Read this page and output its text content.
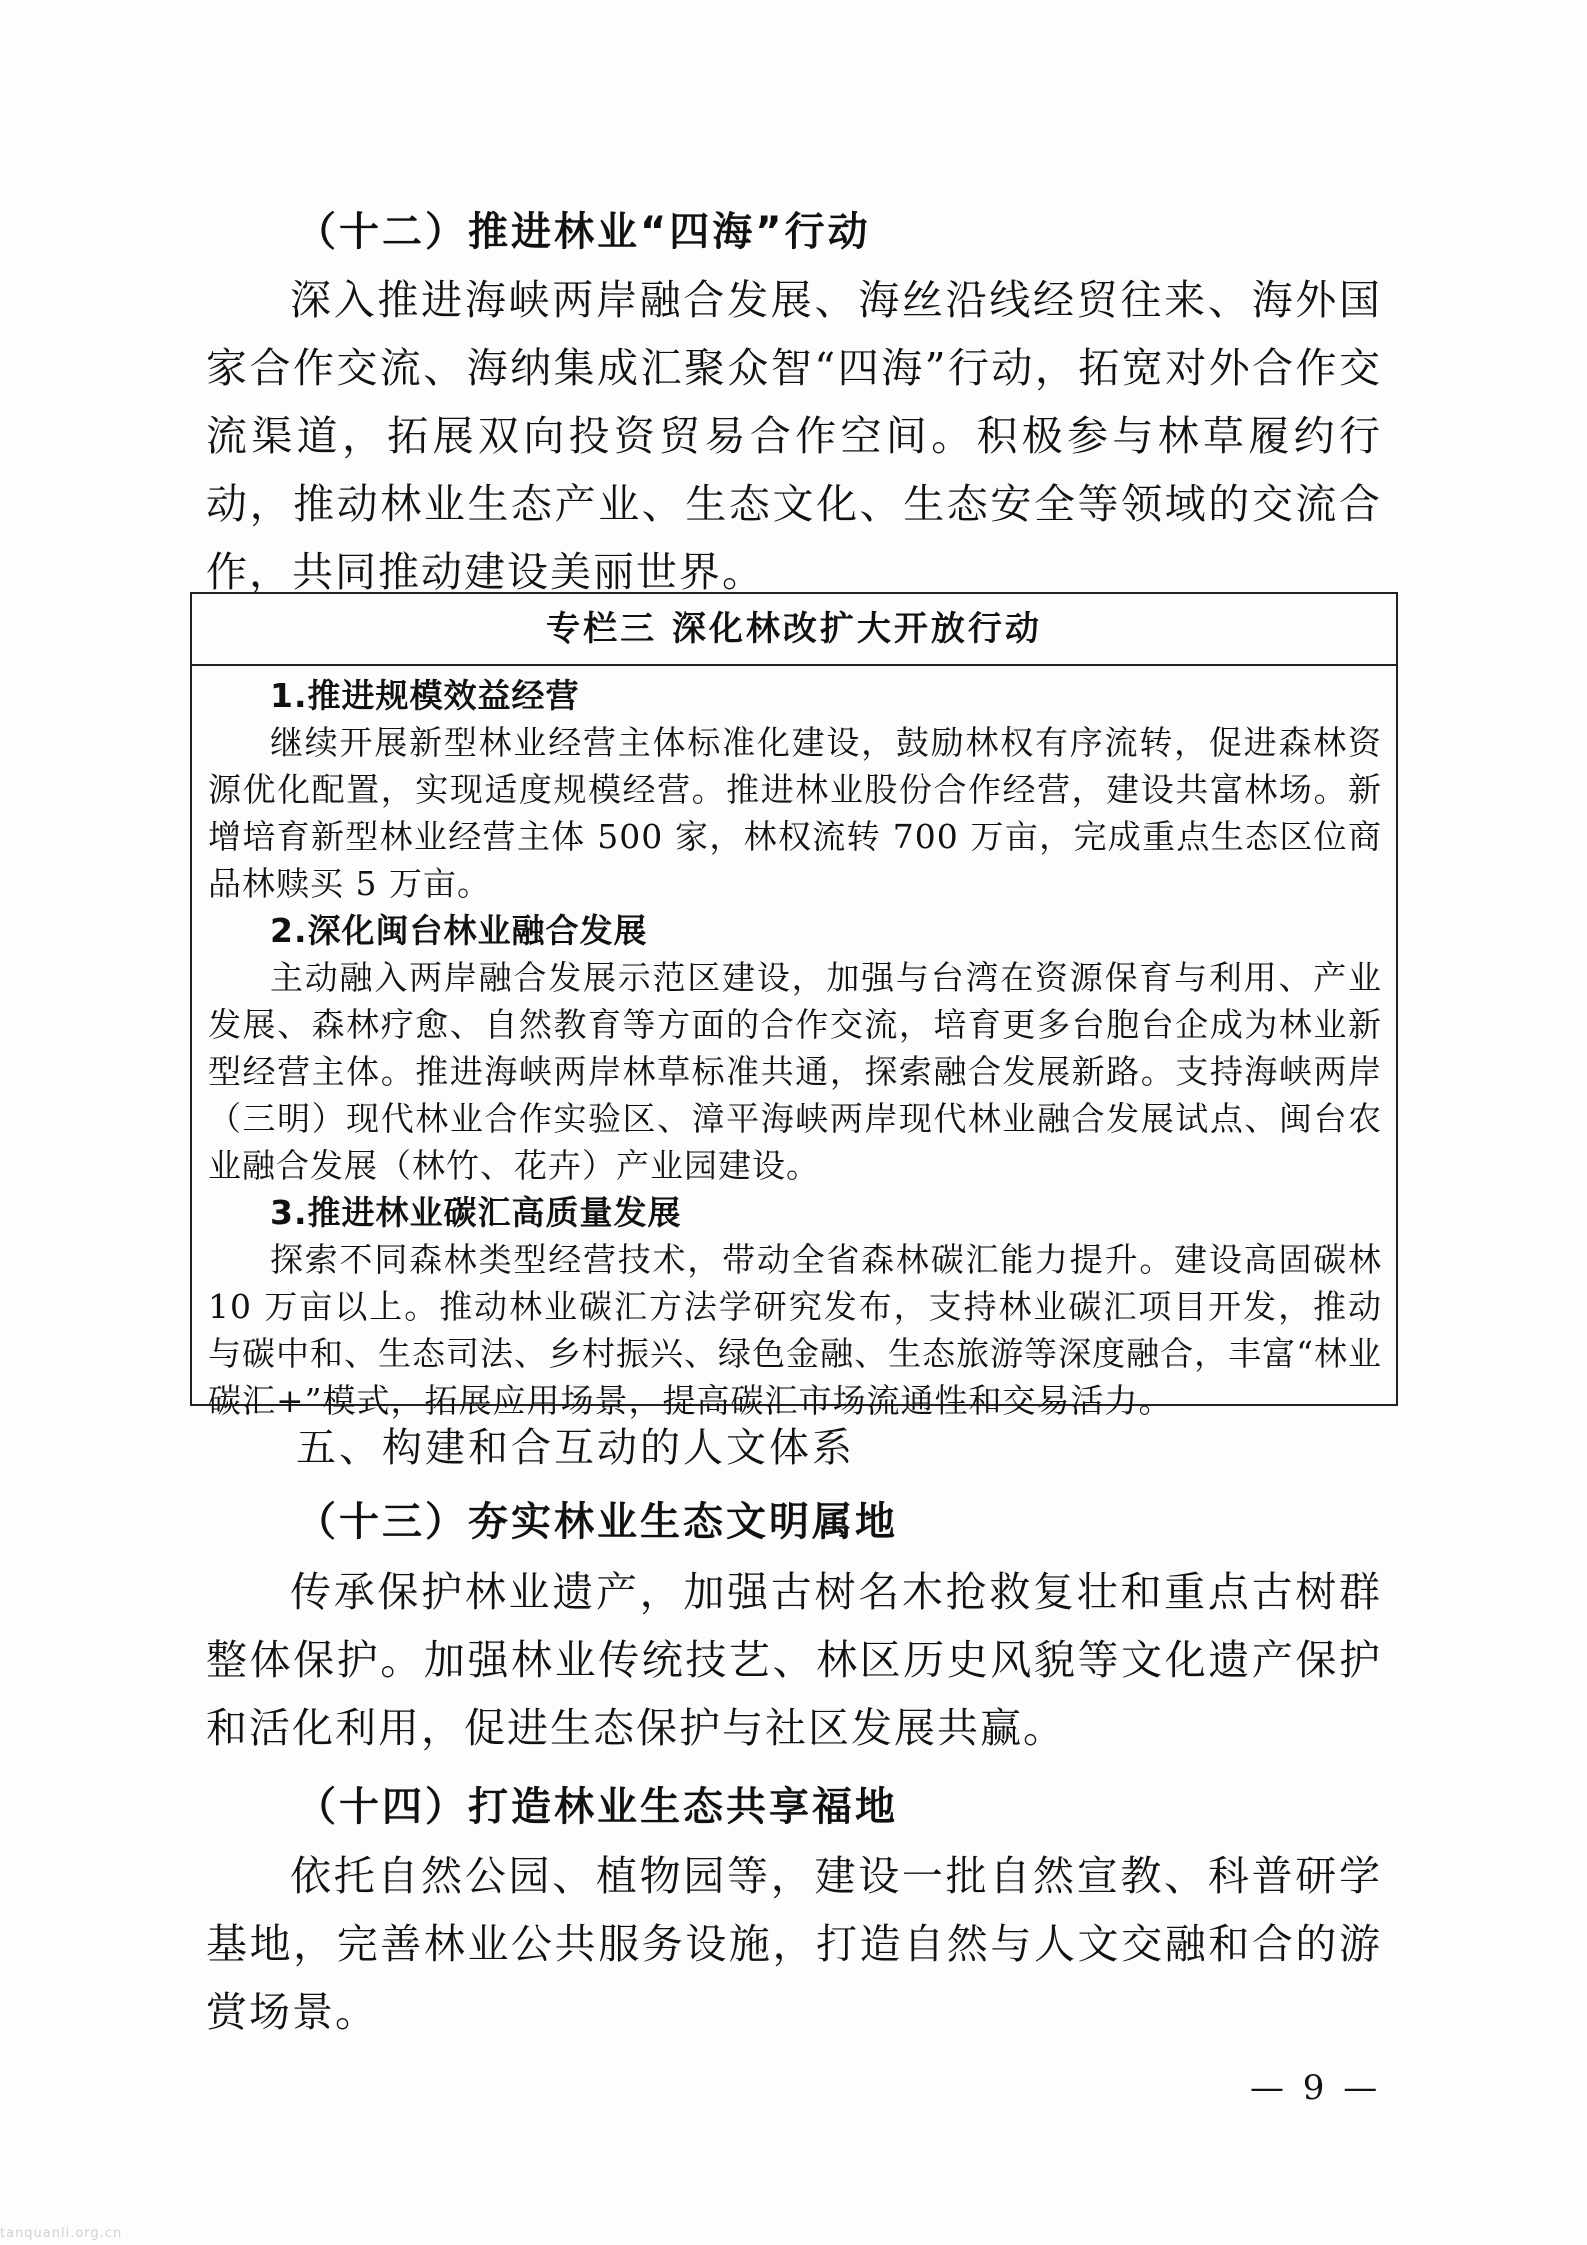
（十二）推进林业“四海”行动

深入推进海峡两岸融合发展、海丝沿线经贸往来、海外国家合作交流、海纳集成汇聚众智“四海”行动，拓宽对外合作交流渠道，拓展双向投资贸易合作空间。积极参与林草履约行动，推动林业生态产业、生态文化、生态安全等领域的交流合作，共同推动建设美丽世界。

专栏三 深化林改扩大开放行动

1.推进规模效益经营

继续开展新型林业经营主体标准化建设，鼓励林权有序流转，促进森林资源优化配置，实现适度规模经营。推进林业股份合作经营，建设共富林场。新增培育新型林业经营主体 500 家，林权流转 700 万亩，完成重点生态区位商品林赎买 5 万亩。

2.深化闽台林业融合发展

主动融入两岸融合发展示范区建设，加强与台湾在资源保育与利用、产业发展、森林疗愈、自然教育等方面的合作交流，培育更多台胞台企成为林业新型经营主体。推进海峡两岸林草标准共通，探索融合发展新路。支持海峡两岸（三明）现代林业合作实验区、漳平海峡两岸现代林业融合发展试点、闽台农业融合发展（林竹、花卉）产业园建设。

3.推进林业碳汇高质量发展

探索不同森林类型经营技术，带动全省森林碳汇能力提升。建设高固碳林 10 万亩以上。推动林业碳汇方法学研究发布，支持林业碳汇项目开发，推动与碳中和、生态司法、乡村振兴、绿色金融、生态旅游等深度融合，丰富“林业碳汇+”模式，拓展应用场景，提高碳汇市场流通性和交易活力。

五、构建和合互动的人文体系
（十三）夯实林业生态文明属地

传承保护林业遗产，加强古树名木抢救复壮和重点古树群整体保护。加强林业传统技艺、林区历史风貌等文化遗产保护和活化利用，促进生态保护与社区发展共赢。

（十四）打造林业生态共享福地

依托自然公园、植物园等，建设一批自然宣教、科普研学基地，完善林业公共服务设施，打造自然与人文交融和合的游赏场景。

— 9 —
tanquanli.org.cn
